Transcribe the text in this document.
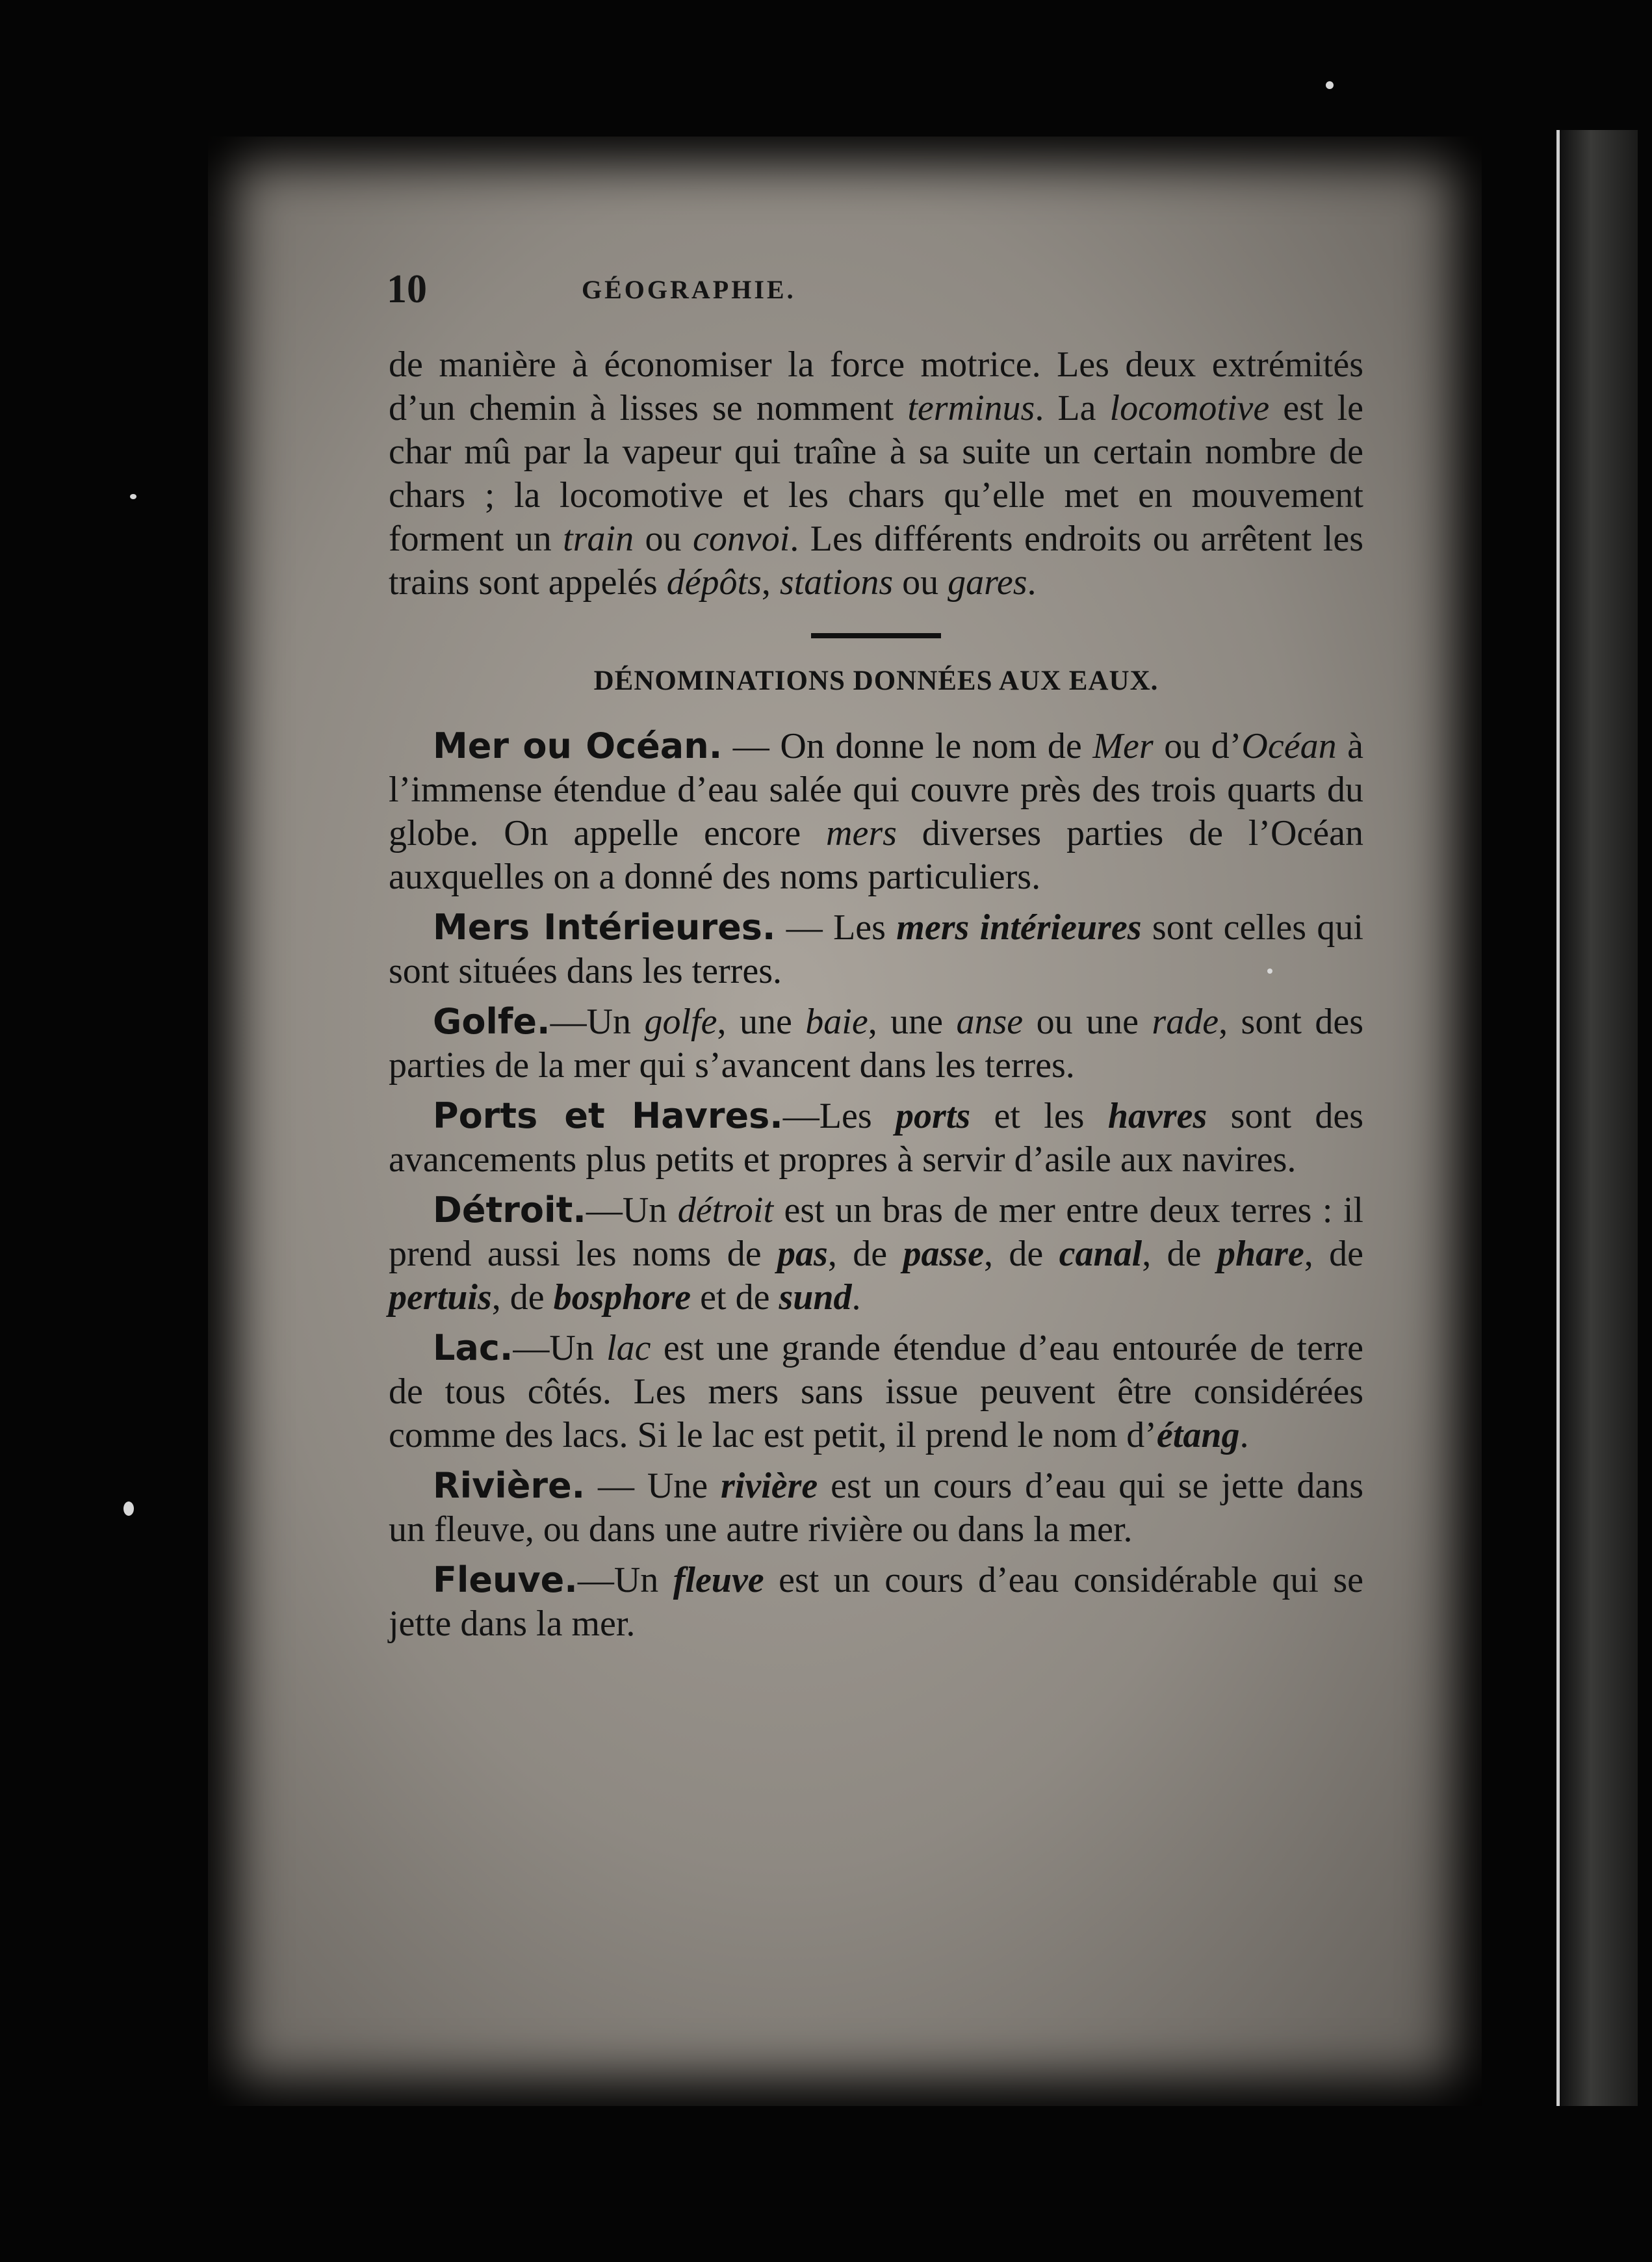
10	GÉOGRAPHIE.

de manière à économiser la force motrice. Les deux extrémités d’un chemin à lisses se nomment terminus. La locomotive est le char mû par la vapeur qui traîne à sa suite un certain nombre de chars ; la locomotive et les chars qu’elle met en mouvement forment un train ou convoi. Les différents endroits ou arrêtent les trains sont appelés dépôts, stations ou gares.

DÉNOMINATIONS DONNÉES AUX EAUX.

Mer ou Océan. — On donne le nom de Mer ou d’Océan à l’immense étendue d’eau salée qui couvre près des trois quarts du globe. On appelle encore mers diverses parties de l’Océan auxquelles on a donné des noms particuliers.

Mers Intérieures. — Les mers intérieures sont celles qui sont situées dans les terres.

Golfe.—Un golfe, une baie, une anse ou une rade, sont des parties de la mer qui s’avancent dans les terres.

Ports et Havres.—Les ports et les havres sont des avancements plus petits et propres à servir d’asile aux navires.

Détroit.—Un détroit est un bras de mer entre deux terres : il prend aussi les noms de pas, de passe, de canal, de phare, de pertuis, de bosphore et de sund.

Lac.—Un lac est une grande étendue d’eau entourée de terre de tous côtés. Les mers sans issue peuvent être considérées comme des lacs. Si le lac est petit, il prend le nom d’étang.

Rivière. — Une rivière est un cours d’eau qui se jette dans un fleuve, ou dans une autre rivière ou dans la mer.

Fleuve.—Un fleuve est un cours d’eau considérable qui se jette dans la mer.
